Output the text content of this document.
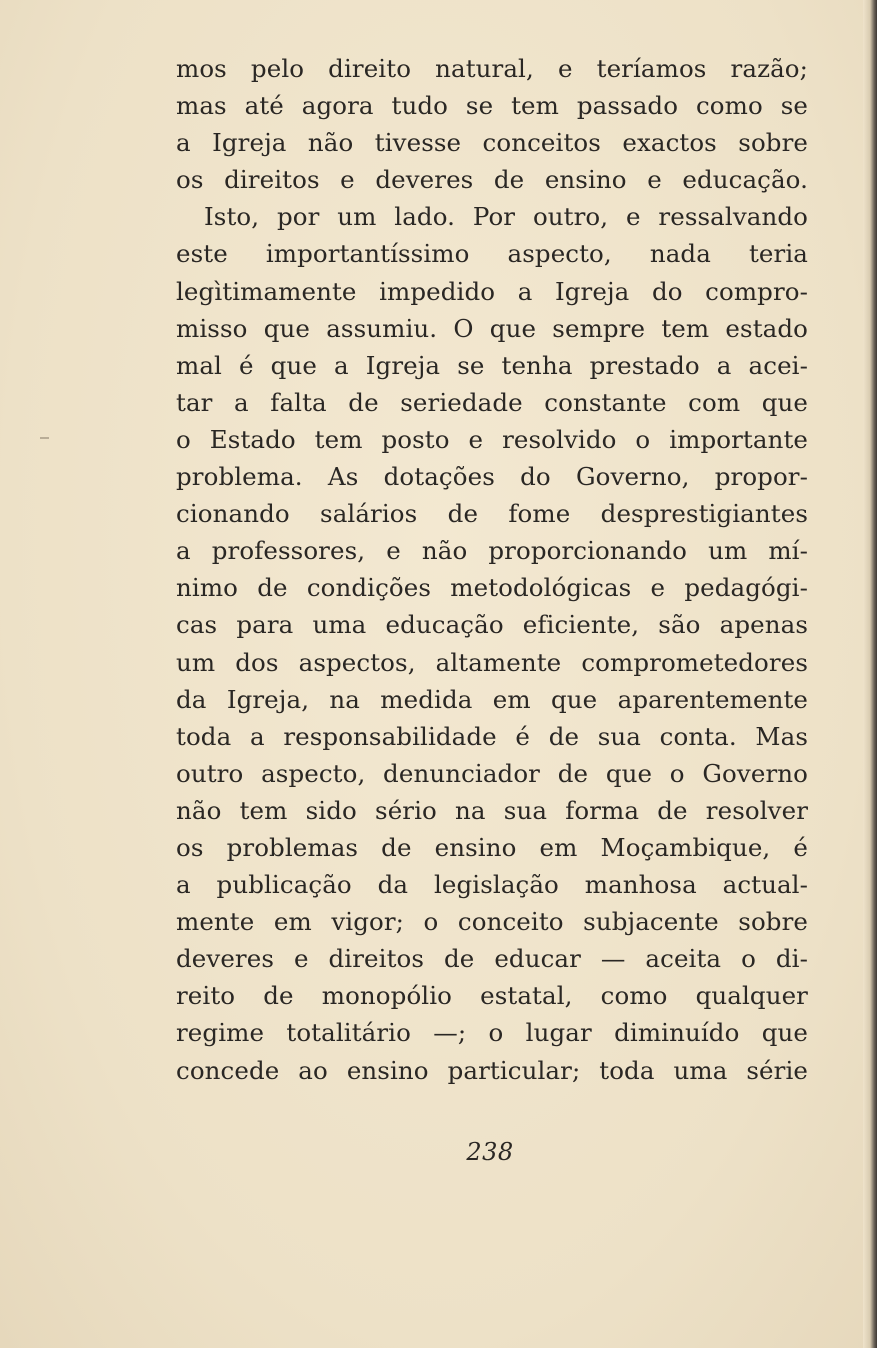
mos pelo direito natural, e teríamos razão;
mas até agora tudo se tem passado como se
a Igreja não tivesse conceitos exactos sobre
os direitos e deveres de ensino e educação.
Isto, por um lado. Por outro, e ressalvando
este importantíssimo aspecto, nada teria
legìtimamente impedido a Igreja do compro-
misso que assumiu. O que sempre tem estado
mal é que a Igreja se tenha prestado a acei-
tar a falta de seriedade constante com que
o Estado tem posto e resolvido o importante
problema. As dotações do Governo, propor-
cionando salários de fome desprestigiantes
a professores, e não proporcionando um mí-
nimo de condições metodológicas e pedagógi-
cas para uma educação eficiente, são apenas
um dos aspectos, altamente comprometedores
da Igreja, na medida em que aparentemente
toda a responsabilidade é de sua conta. Mas
outro aspecto, denunciador de que o Governo
não tem sido sério na sua forma de resolver
os problemas de ensino em Moçambique, é
a publicação da legislação manhosa actual-
mente em vigor; o conceito subjacente sobre
deveres e direitos de educar — aceita o di-
reito de monopólio estatal, como qualquer
regime totalitário —; o lugar diminuído que
concede ao ensino particular; toda uma série
238
